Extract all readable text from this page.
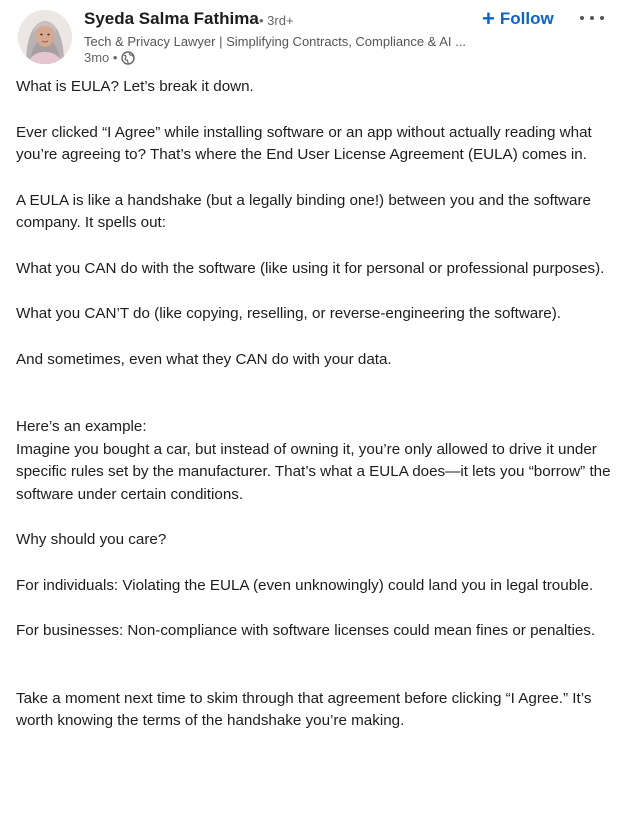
Syeda Salma Fathima • 3rd+
Tech & Privacy Lawyer | Simplifying Contracts, Compliance & AI ...
3mo •
+ Follow

What is EULA? Let’s break it down.

Ever clicked “I Agree” while installing software or an app without actually reading what you’re agreeing to? That’s where the End User License Agreement (EULA) comes in.

A EULA is like a handshake (but a legally binding one!) between you and the software company. It spells out:

What you CAN do with the software (like using it for personal or professional purposes).

What you CAN’T do (like copying, reselling, or reverse-engineering the software).

And sometimes, even what they CAN do with your data.

Here’s an example:

Imagine you bought a car, but instead of owning it, you’re only allowed to drive it under specific rules set by the manufacturer. That’s what a EULA does—it lets you “borrow” the software under certain conditions.

Why should you care?

For individuals: Violating the EULA (even unknowingly) could land you in legal trouble.

For businesses: Non-compliance with software licenses could mean fines or penalties.

Take a moment next time to skim through that agreement before clicking “I Agree.” It’s worth knowing the terms of the handshake you’re making.
